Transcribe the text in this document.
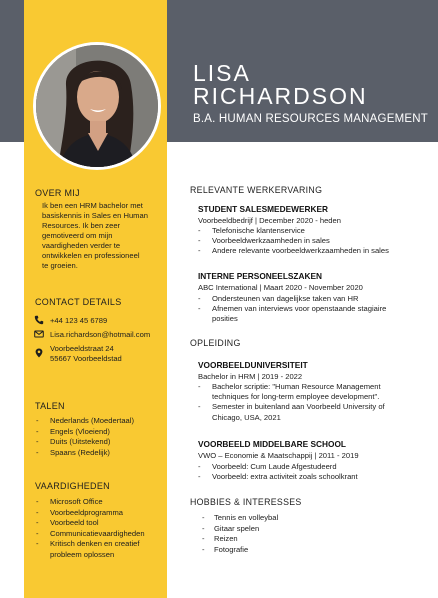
LISA
RICHARDSON
B.A. HUMAN RESOURCES MANAGEMENT
OVER MIJ
Ik ben een HRM bachelor met
basiskennis in Sales en Human
Resources. Ik ben zeer
gemotiveerd om mijn
vaardigheden verder te
ontwikkelen en professioneel
te groeien.
CONTACT DETAILS
+44 123 45 6789
Lisa.richardson@hotmail.com
Voorbeeldstraat 24
55667 Voorbeeldstad
TALEN
- Nederlands (Moedertaal)
- Engels (Vloeiend)
- Duits (Uitstekend)
- Spaans (Redelijk)
VAARDIGHEDEN
- Microsoft Office
- Voorbeeldprogramma
- Voorbeeld tool
- Communicatievaardigheden
- Kritisch denken en creatief
probleem oplossen
RELEVANTE WERKERVARING
STUDENT SALESMEDEWERKER
Voorbeeldbedrijf | December 2020 - heden
- Telefonische klantenservice
- Voorbeeldwerkzaamheden in sales
- Andere relevante voorbeeldwerkzaamheden in sales
INTERNE PERSONEELSZAKEN
ABC International | Maart 2020 - November 2020
- Ondersteunen van dagelijkse taken van HR
- Afnemen van interviews voor openstaande stagiaire
posities
OPLEIDING
VOORBEELDUNIVERSITEIT
Bachelor in HRM | 2019 - 2022
- Bachelor scriptie: "Human Resource Management
techniques for long-term employee development".
- Semester in buitenland aan Voorbeeld University of
Chicago, USA, 2021
VOORBEELD MIDDELBARE SCHOOL
VWO – Economie & Maatschappij | 2011 - 2019
- Voorbeeld: Cum Laude Afgestudeerd
- Voorbeeld: extra activiteit zoals schoolkrant
HOBBIES & INTERESSES
- Tennis en volleybal
- Gitaar spelen
- Reizen
- Fotografie
